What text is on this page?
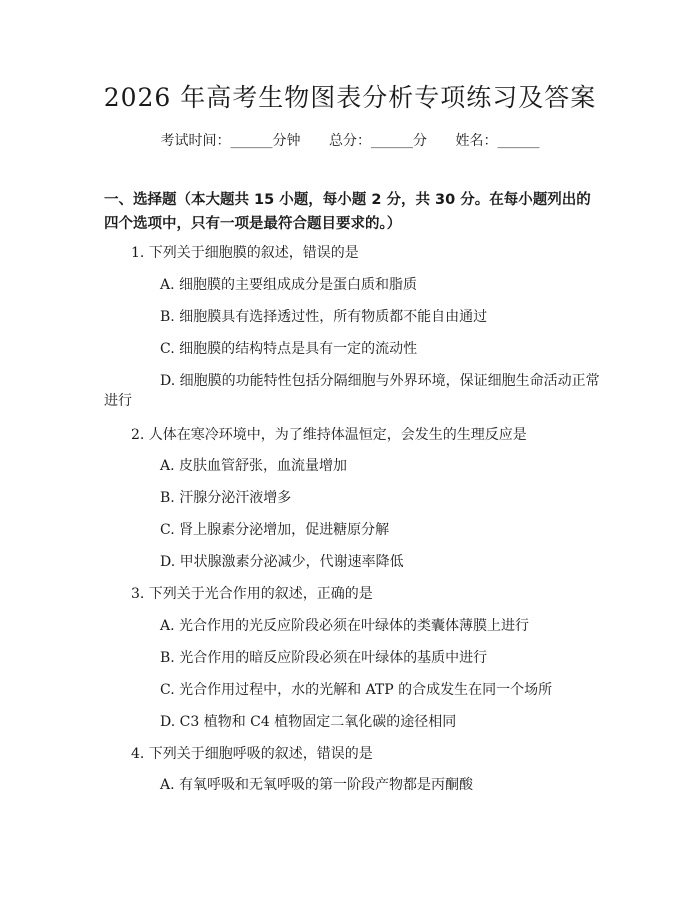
2026 年高考生物图表分析专项练习及答案
考试时间：______分钟 总分：______分 姓名：______
一、选择题（本大题共 15 小题，每小题 2 分，共 30 分。在每小题列出的四个选项中，只有一项是最符合题目要求的。）
1. 下列关于细胞膜的叙述，错误的是
A. 细胞膜的主要组成成分是蛋白质和脂质
B. 细胞膜具有选择透过性，所有物质都不能自由通过
C. 细胞膜的结构特点是具有一定的流动性
D. 细胞膜的功能特性包括分隔细胞与外界环境，保证细胞生命活动正常
进行
2. 人体在寒冷环境中，为了维持体温恒定，会发生的生理反应是
A. 皮肤血管舒张，血流量增加
B. 汗腺分泌汗液增多
C. 肾上腺素分泌增加，促进糖原分解
D. 甲状腺激素分泌减少，代谢速率降低
3. 下列关于光合作用的叙述，正确的是
A. 光合作用的光反应阶段必须在叶绿体的类囊体薄膜上进行
B. 光合作用的暗反应阶段必须在叶绿体的基质中进行
C. 光合作用过程中，水的光解和 ATP 的合成发生在同一个场所
D. C3 植物和 C4 植物固定二氧化碳的途径相同
4. 下列关于细胞呼吸的叙述，错误的是
A. 有氧呼吸和无氧呼吸的第一阶段产物都是丙酮酸
